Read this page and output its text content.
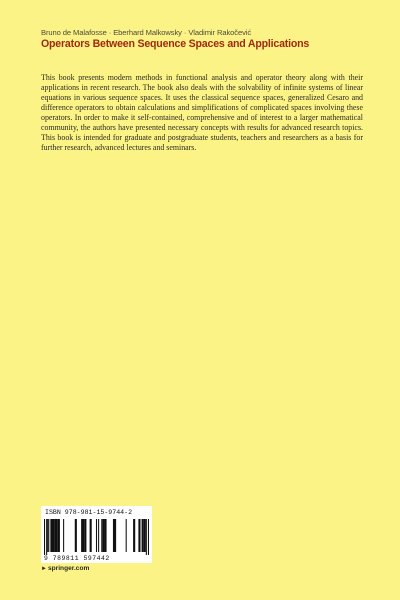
Bruno de Malafosse · Eberhard Malkowsky · Vladimir Rakočević
Operators Between Sequence Spaces and Applications

This book presents modern methods in functional analysis and operator theory along with their applications in recent research. The book also deals with the solvability of infinite systems of linear equations in various sequence spaces. It uses the classical sequence spaces, generalized Cesaro and difference operators to obtain calculations and simplifications of complicated spaces involving these operators. In order to make it self-contained, comprehensive and of interest to a larger mathematical community, the authors have presented necessary concepts with results for advanced research topics. This book is intended for graduate and postgraduate students, teachers and researchers as a basis for further research, advanced lectures and seminars.

ISBN 978-981-15-9744-2
9 789811 597442
►springer.com
